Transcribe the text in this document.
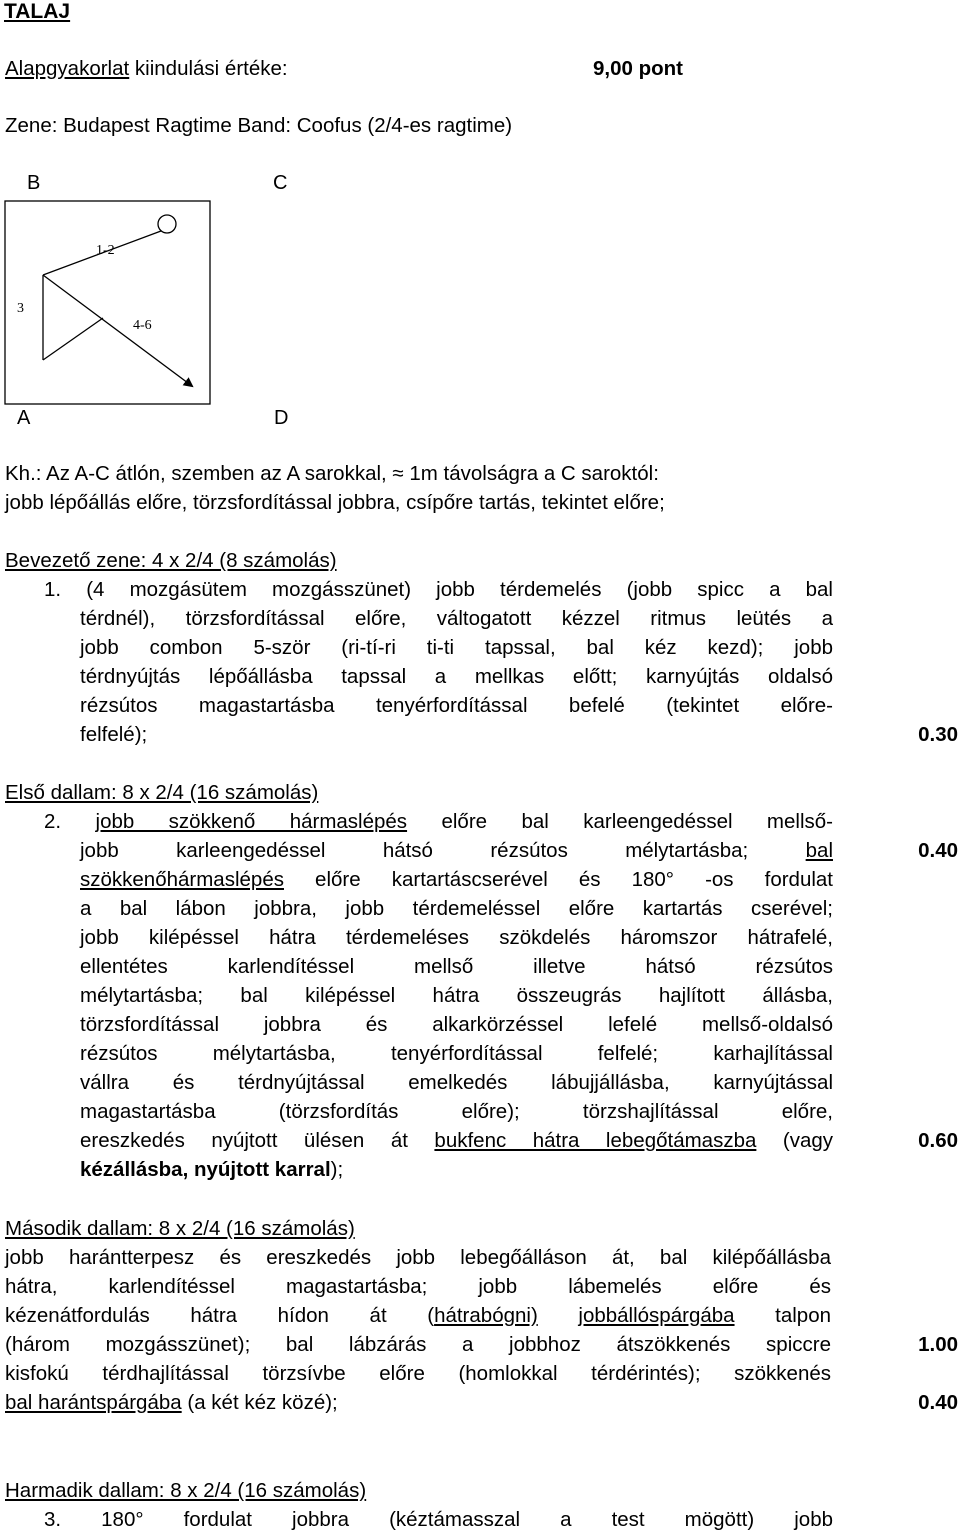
TALAJ
Alapgyakorlat kiindulási értéke:	9,00 pont
Zene: Budapest Ragtime Band: Coofus (2/4-es ragtime)
B	C
A	D
1-2
3
4-6
Kh.: Az A-C átlón, szemben az A sarokkal, ≈ 1m távolságra a C saroktól:
jobb lépőállás előre, törzsfordítással jobbra, csípőre tartás, tekintet előre;
Bevezető zene: 4 x 2/4 (8 számolás)
1. (4 mozgásütem mozgásszünet) jobb térdemelés (jobb spicc a bal
térdnél), törzsfordítással előre, váltogatott kézzel ritmus leütés a
jobb combon 5-ször (ri-tí-ri ti-ti tapssal, bal kéz kezd); jobb
térdnyújtás lépőállásba tapssal a mellkas előtt; karnyújtás oldalsó
rézsútos magastartásba tenyérfordítással befelé (tekintet előre-
felfelé);	0.30
Első dallam: 8 x 2/4 (16 számolás)
2. jobb szökkenő hármaslépés előre bal karleengedéssel mellső-
jobb karleengedéssel hátsó rézsútos mélytartásba; bal	0.40
szökkenőhármaslépés előre kartartáscserével és 180° -os fordulat
a bal lábon jobbra, jobb térdemeléssel előre kartartás cserével;
jobb kilépéssel hátra térdemeléses szökdelés háromszor hátrafelé,
ellentétes karlendítéssel mellső illetve hátsó rézsútos
mélytartásba; bal kilépéssel hátra összeugrás hajlított állásba,
törzsfordítással jobbra és alkarkörzéssel lefelé mellső-oldalsó
rézsútos mélytartásba, tenyérfordítással felfelé; karhajlítással
vállra és térdnyújtással emelkedés lábujjállásba, karnyújtással
magastartásba (törzsfordítás előre); törzshajlítással előre,
ereszkedés nyújtott ülésen át bukfenc hátra lebegőtámaszba (vagy	0.60
kézállásba, nyújtott karral);
Második dallam: 8 x 2/4 (16 számolás)
jobb harántterpesz és ereszkedés jobb lebegőálláson át, bal kilépőállásba
hátra, karlendítéssel magastartásba; jobb lábemelés előre és
kézenátfordulás hátra hídon át (hátrabógni) jobbállóspárgába talpon
(három mozgásszünet); bal lábzárás a jobbhoz átszökkenés spiccre	1.00
kisfokú térdhajlítással törzsívbe előre (homlokkal térdérintés); szökkenés
bal harántspárgába (a két kéz közé);	0.40
Harmadik dallam: 8 x 2/4 (16 számolás)
3. 180° fordulat jobbra (kéztámasszal a test mögött) jobb
